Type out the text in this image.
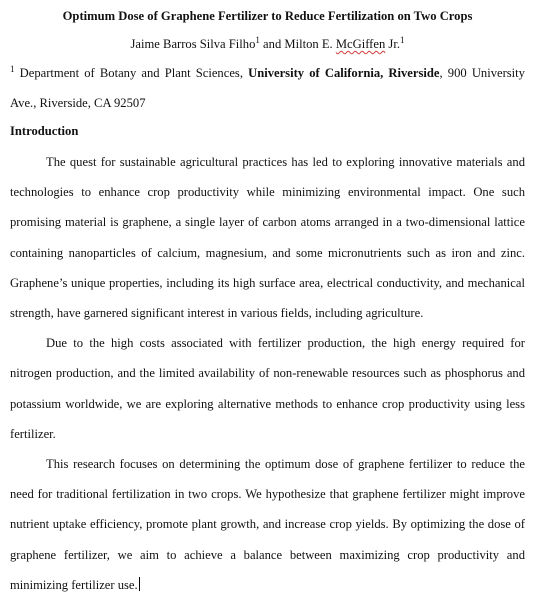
Optimum Dose of Graphene Fertilizer to Reduce Fertilization on Two Crops
Jaime Barros Silva Filho$^1$ and Milton E. McGiffen Jr.$^1$
$^1$ Department of Botany and Plant Sciences, University of California, Riverside, 900 University Ave., Riverside, CA 92507
Introduction

The quest for sustainable agricultural practices has led to exploring innovative materials and technologies to enhance crop productivity while minimizing environmental impact. One such promising material is graphene, a single layer of carbon atoms arranged in a two-dimensional lattice containing nanoparticles of calcium, magnesium, and some micronutrients such as iron and zinc. Graphene’s unique properties, including its high surface area, electrical conductivity, and mechanical strength, have garnered significant interest in various fields, including agriculture.

Due to the high costs associated with fertilizer production, the high energy required for nitrogen production, and the limited availability of non-renewable resources such as phosphorus and potassium worldwide, we are exploring alternative methods to enhance crop productivity using less fertilizer.

This research focuses on determining the optimum dose of graphene fertilizer to reduce the need for traditional fertilization in two crops. We hypothesize that graphene fertilizer might improve nutrient uptake efficiency, promote plant growth, and increase crop yields. By optimizing the dose of graphene fertilizer, we aim to achieve a balance between maximizing crop productivity and minimizing fertilizer use.
